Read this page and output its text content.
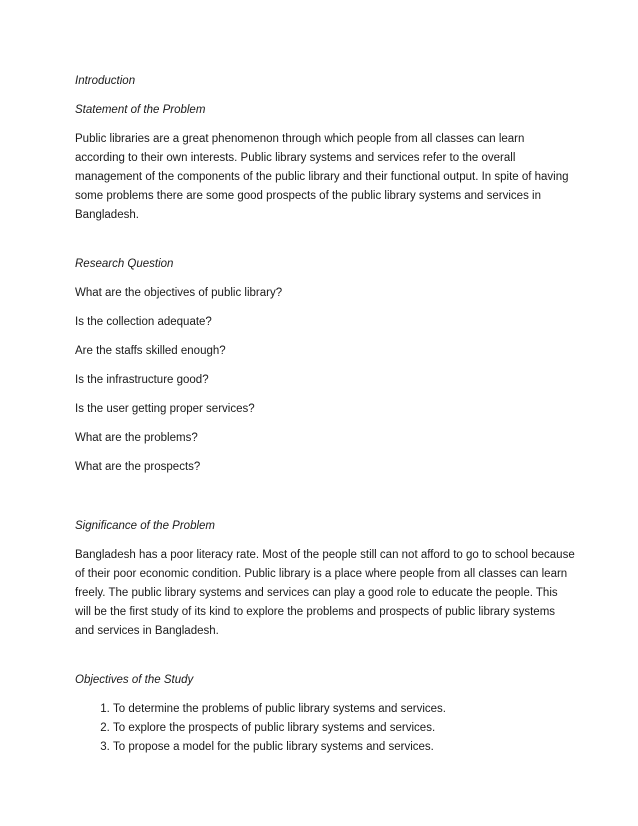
Introduction

Statement of the Problem

Public libraries are a great phenomenon through which people from all classes can learn according to their own interests. Public library systems and services refer to the overall management of the components of the public library and their functional output. In spite of having some problems there are some good prospects of the public library systems and services in Bangladesh.

Research Question

What are the objectives of public library?

Is the collection adequate?

Are the staffs skilled enough?

Is the infrastructure good?

Is the user getting proper services?

What are the problems?

What are the prospects?

Significance of the Problem

Bangladesh has a poor literacy rate. Most of the people still can not afford to go to school because of their poor economic condition. Public library is a place where people from all classes can learn freely. The public library systems and services can play a good role to educate the people. This will be the first study of its kind to explore the problems and prospects of public library systems and services in Bangladesh.

Objectives of the Study

1. To determine the problems of public library systems and services.
2. To explore the prospects of public library systems and services.
3. To propose a model for the public library systems and services.
